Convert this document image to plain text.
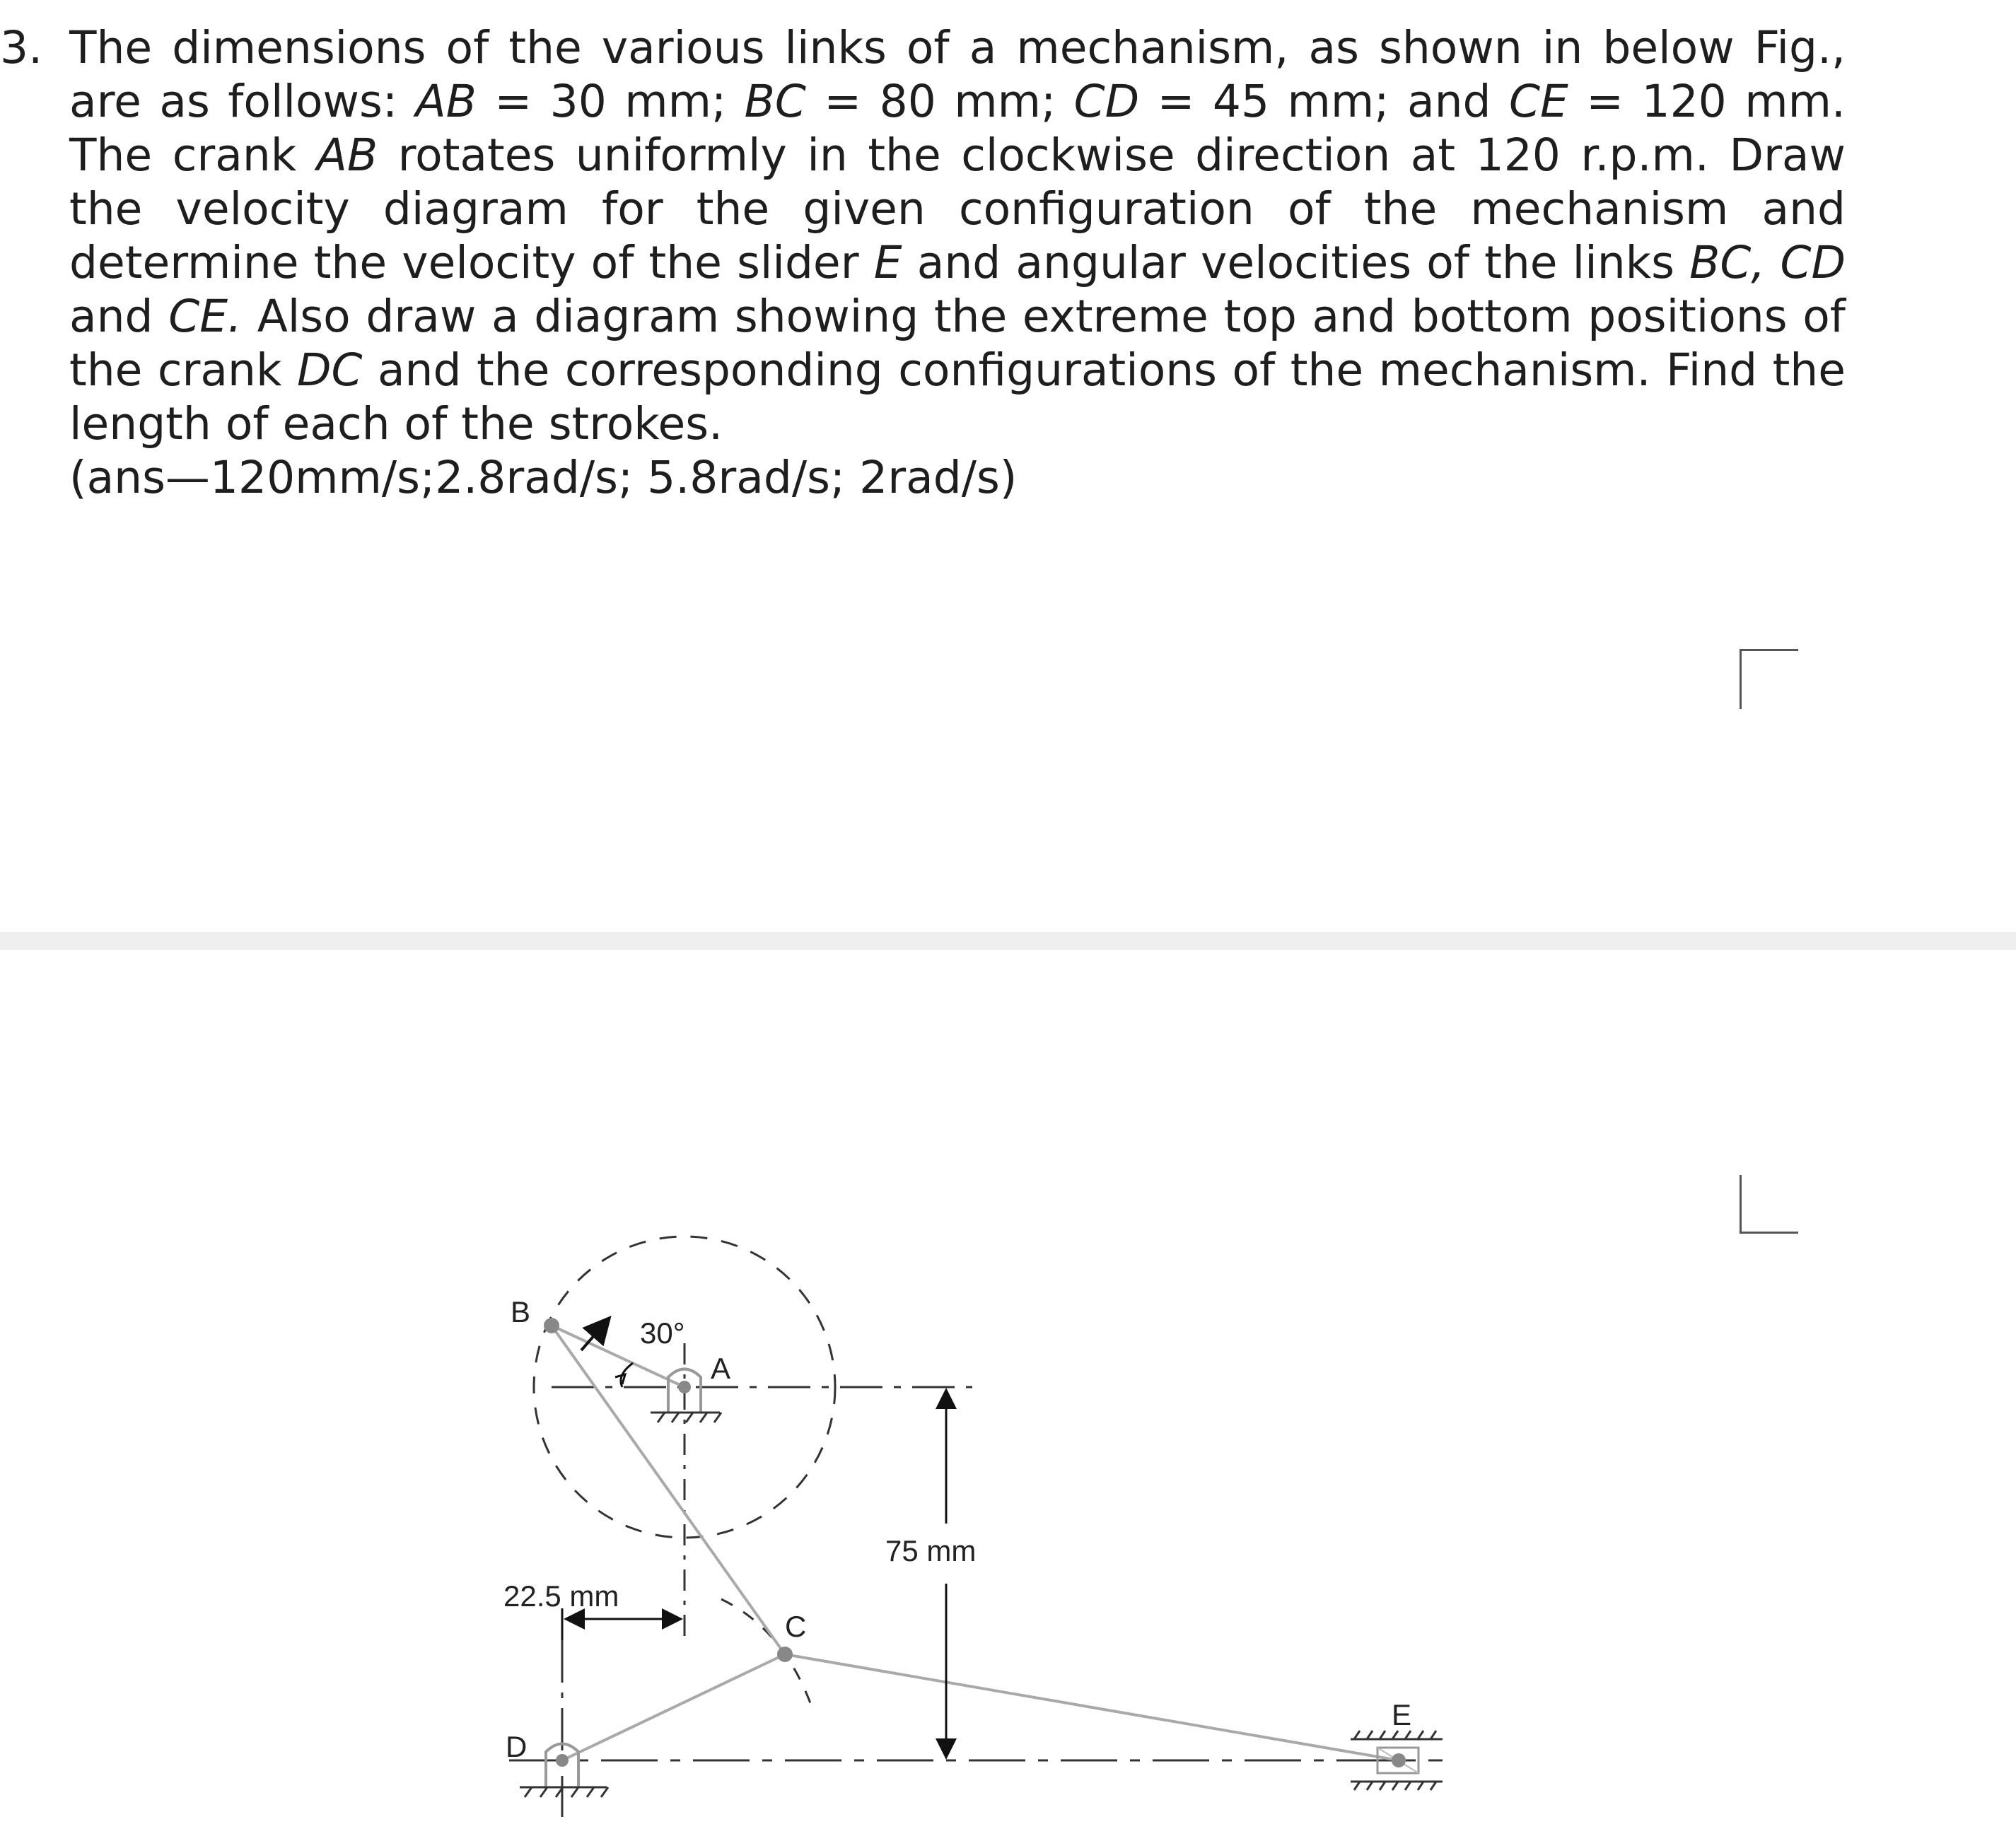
3. The dimensions of the various links of a mechanism, as shown in below Fig., are as follows: AB = 30 mm; BC = 80 mm; CD = 45 mm; and CE = 120 mm. The crank AB rotates uniformly in the clockwise direction at 120 r.p.m. Draw the velocity diagram for the given configuration of the mechanism and determine the velocity of the slider E and angular velocities of the links BC, CD and CE. Also draw a diagram showing the extreme top and bottom positions of the crank DC and the corresponding configurations of the mechanism. Find the length of each of the strokes.
(ans—120mm/s;2.8rad/s; 5.8rad/s; 2rad/s)
B
A
30°
C
D
E
75 mm
22.5 mm
